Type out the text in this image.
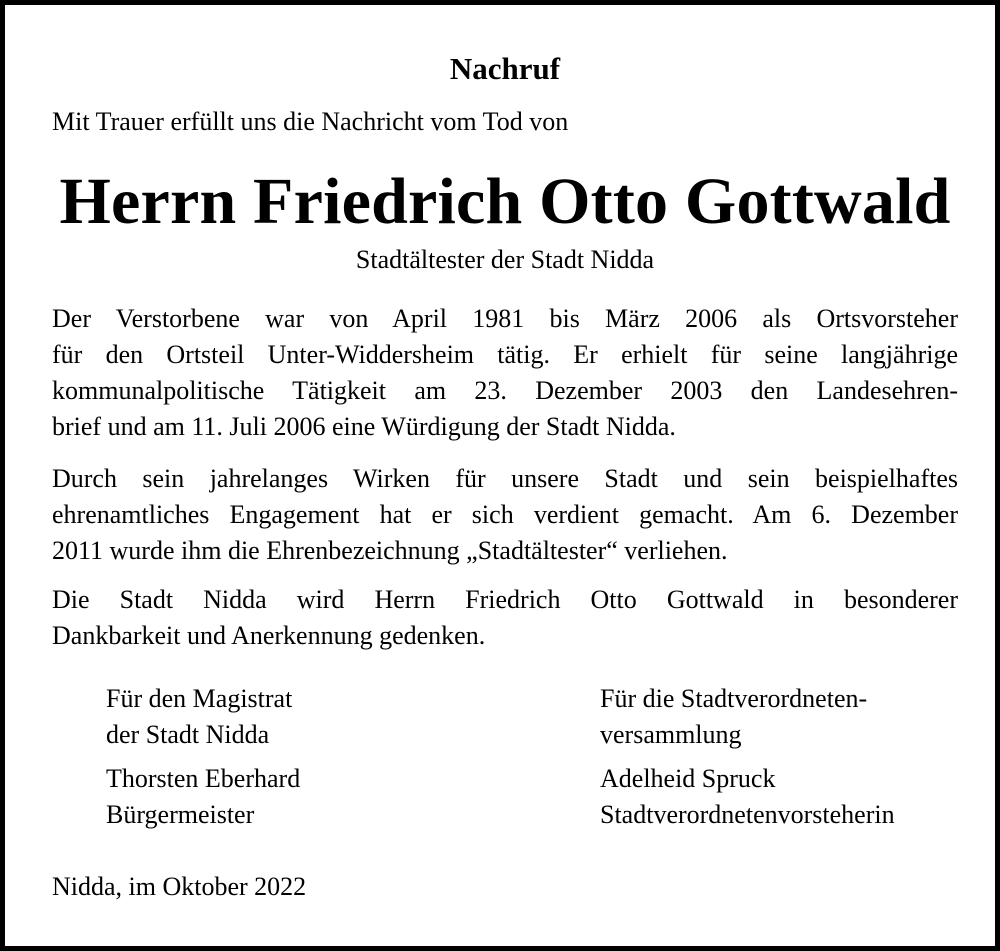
Nachruf
Mit Trauer erfüllt uns die Nachricht vom Tod von
Herrn Friedrich Otto Gottwald
Stadtältester der Stadt Nidda
Der Verstorbene war von April 1981 bis März 2006 als Ortsvorsteher
für den Ortsteil Unter-Widdersheim tätig. Er erhielt für seine langjährige
kommunalpolitische Tätigkeit am 23. Dezember 2003 den Landesehren-
brief und am 11. Juli 2006 eine Würdigung der Stadt Nidda.
Durch sein jahrelanges Wirken für unsere Stadt und sein beispielhaftes
ehrenamtliches Engagement hat er sich verdient gemacht. Am 6. Dezember
2011 wurde ihm die Ehrenbezeichnung „Stadtältester“ verliehen.
Die Stadt Nidda wird Herrn Friedrich Otto Gottwald in besonderer
Dankbarkeit und Anerkennung gedenken.
Für den Magistrat
der Stadt Nidda
Thorsten Eberhard
Bürgermeister
Für die Stadtverordneten-
versammlung
Adelheid Spruck
Stadtverordnetenvorsteherin
Nidda, im Oktober 2022
